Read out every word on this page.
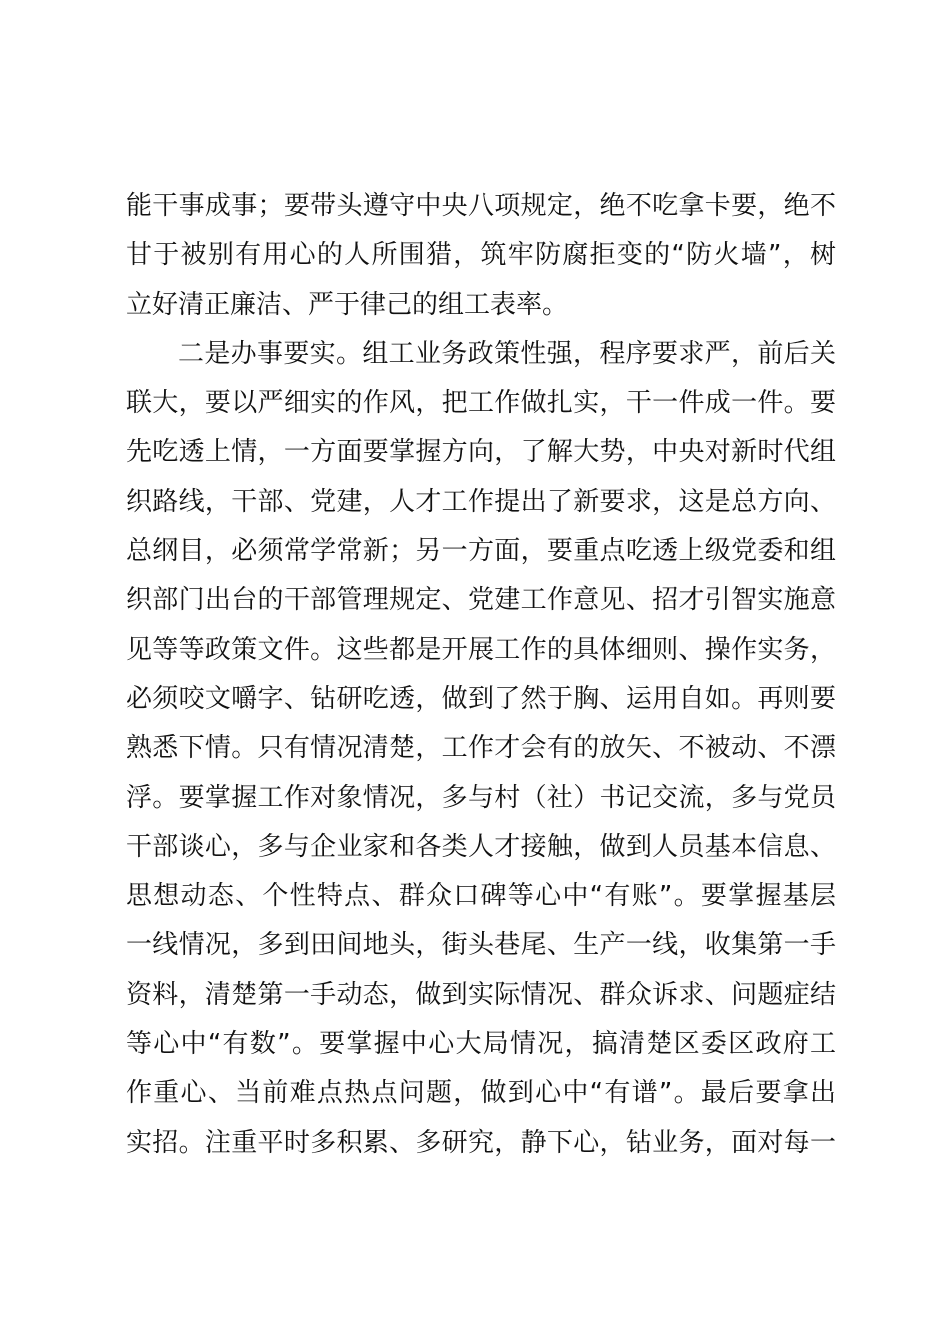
能干事成事；要带头遵守中央八项规定，绝不吃拿卡要，绝不
甘于被别有用心的人所围猎，筑牢防腐拒变的“防火墙”，树
立好清正廉洁、严于律己的组工表率。
二是办事要实。组工业务政策性强，程序要求严，前后关
联大，要以严细实的作风，把工作做扎实，干一件成一件。要
先吃透上情，一方面要掌握方向，了解大势，中央对新时代组
织路线，干部、党建，人才工作提出了新要求，这是总方向、
总纲目，必须常学常新；另一方面，要重点吃透上级党委和组
织部门出台的干部管理规定、党建工作意见、招才引智实施意
见等等政策文件。这些都是开展工作的具体细则、操作实务，
必须咬文嚼字、钻研吃透，做到了然于胸、运用自如。再则要
熟悉下情。只有情况清楚，工作才会有的放矢、不被动、不漂
浮。要掌握工作对象情况，多与村（社）书记交流，多与党员
干部谈心，多与企业家和各类人才接触，做到人员基本信息、
思想动态、个性特点、群众口碑等心中“有账”。要掌握基层
一线情况，多到田间地头，街头巷尾、生产一线，收集第一手
资料，清楚第一手动态，做到实际情况、群众诉求、问题症结
等心中“有数”。要掌握中心大局情况，搞清楚区委区政府工
作重心、当前难点热点问题，做到心中“有谱”。最后要拿出
实招。注重平时多积累、多研究，静下心，钻业务，面对每一
